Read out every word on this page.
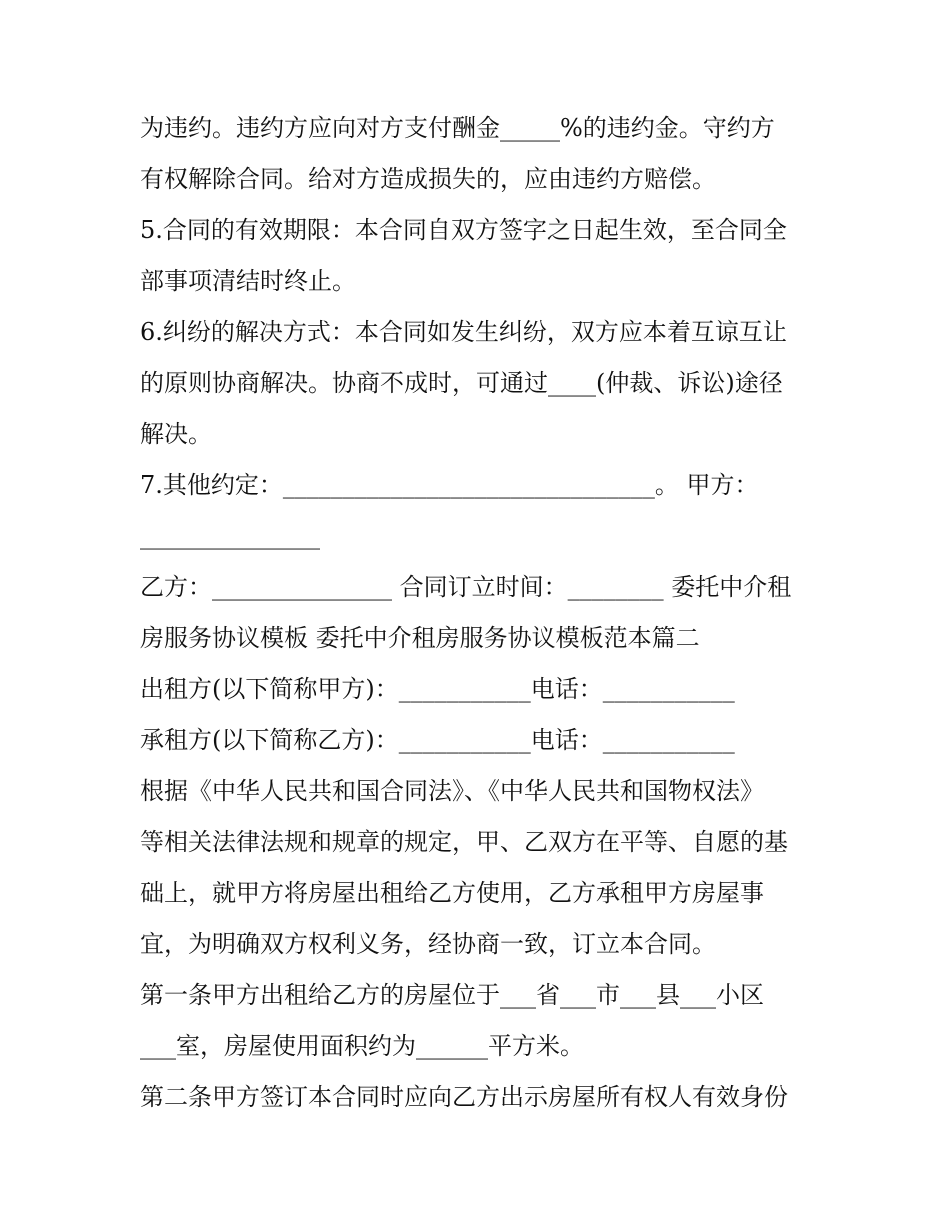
为违约。违约方应向对方支付酬金_____%的违约金。守约方
有权解除合同。给对方造成损失的，应由违约方赔偿。
5.合同的有效期限：本合同自双方签字之日起生效，至合同全
部事项清结时终止。
6.纠纷的解决方式：本合同如发生纠纷，双方应本着互谅互让
的原则协商解决。协商不成时，可通过____(仲裁、诉讼)途径
解决。
7.其他约定：_______________________________。 甲方：
_______________
乙方：_______________ 合同订立时间：________ 委托中介租
房服务协议模板 委托中介租房服务协议模板范本篇二
出租方(以下简称甲方)：___________电话：___________
承租方(以下简称乙方)：___________电话：___________
根据《中华人民共和国合同法》、《中华人民共和国物权法》
等相关法律法规和规章的规定，甲、乙双方在平等、自愿的基
础上，就甲方将房屋出租给乙方使用，乙方承租甲方房屋事
宜，为明确双方权利义务，经协商一致，订立本合同。
第一条甲方出租给乙方的房屋位于___省___市___县___小区
___室，房屋使用面积约为______平方米。
第二条甲方签订本合同时应向乙方出示房屋所有权人有效身份
